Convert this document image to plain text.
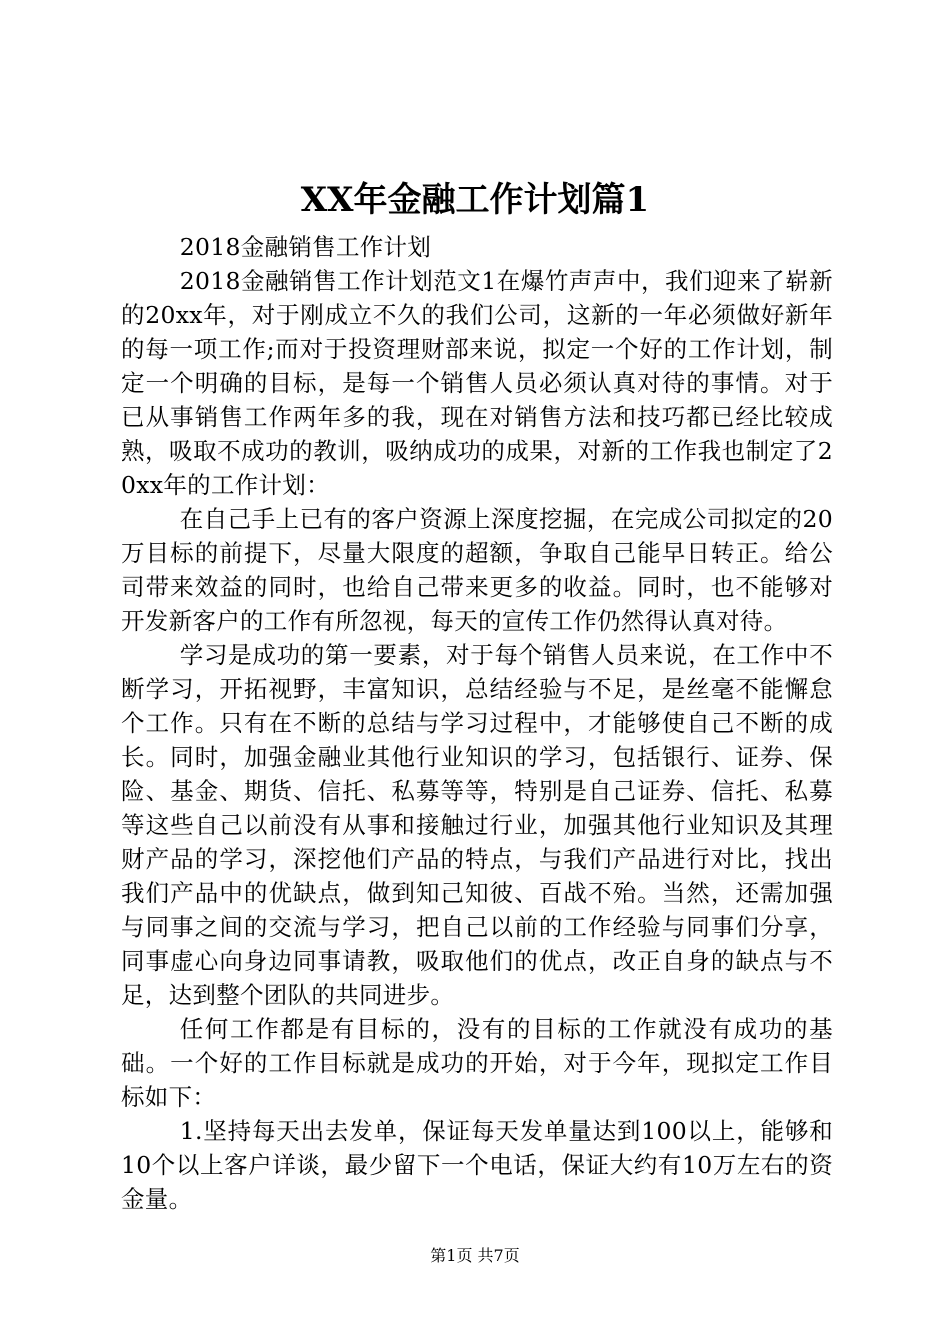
XX年金融工作计划篇1

2018金融销售工作计划

2018金融销售工作计划范文1在爆竹声声中，我们迎来了崭新的20xx年，对于刚成立不久的我们公司，这新的一年必须做好新年的每一项工作;而对于投资理财部来说，拟定一个好的工作计划，制定一个明确的目标，是每一个销售人员必须认真对待的事情。对于已从事销售工作两年多的我，现在对销售方法和技巧都已经比较成熟，吸取不成功的教训，吸纳成功的成果，对新的工作我也制定了20xx年的工作计划：

在自己手上已有的客户资源上深度挖掘，在完成公司拟定的20万目标的前提下，尽量大限度的超额，争取自己能早日转正。给公司带来效益的同时，也给自己带来更多的收益。同时，也不能够对开发新客户的工作有所忽视，每天的宣传工作仍然得认真对待。

学习是成功的第一要素，对于每个销售人员来说，在工作中不断学习，开拓视野，丰富知识，总结经验与不足，是丝毫不能懈怠个工作。只有在不断的总结与学习过程中，才能够使自己不断的成长。同时，加强金融业其他行业知识的学习，包括银行、证券、保险、基金、期货、信托、私募等等，特别是自己证券、信托、私募等这些自己以前没有从事和接触过行业，加强其他行业知识及其理财产品的学习，深挖他们产品的特点，与我们产品进行对比，找出我们产品中的优缺点，做到知己知彼、百战不殆。当然，还需加强与同事之间的交流与学习，把自己以前的工作经验与同事们分享，同事虚心向身边同事请教，吸取他们的优点，改正自身的缺点与不足，达到整个团队的共同进步。

任何工作都是有目标的，没有的目标的工作就没有成功的基础。一个好的工作目标就是成功的开始，对于今年，现拟定工作目标如下：

1.坚持每天出去发单，保证每天发单量达到100以上，能够和10个以上客户详谈，最少留下一个电话，保证大约有10万左右的资金量。

第1页 共7页
